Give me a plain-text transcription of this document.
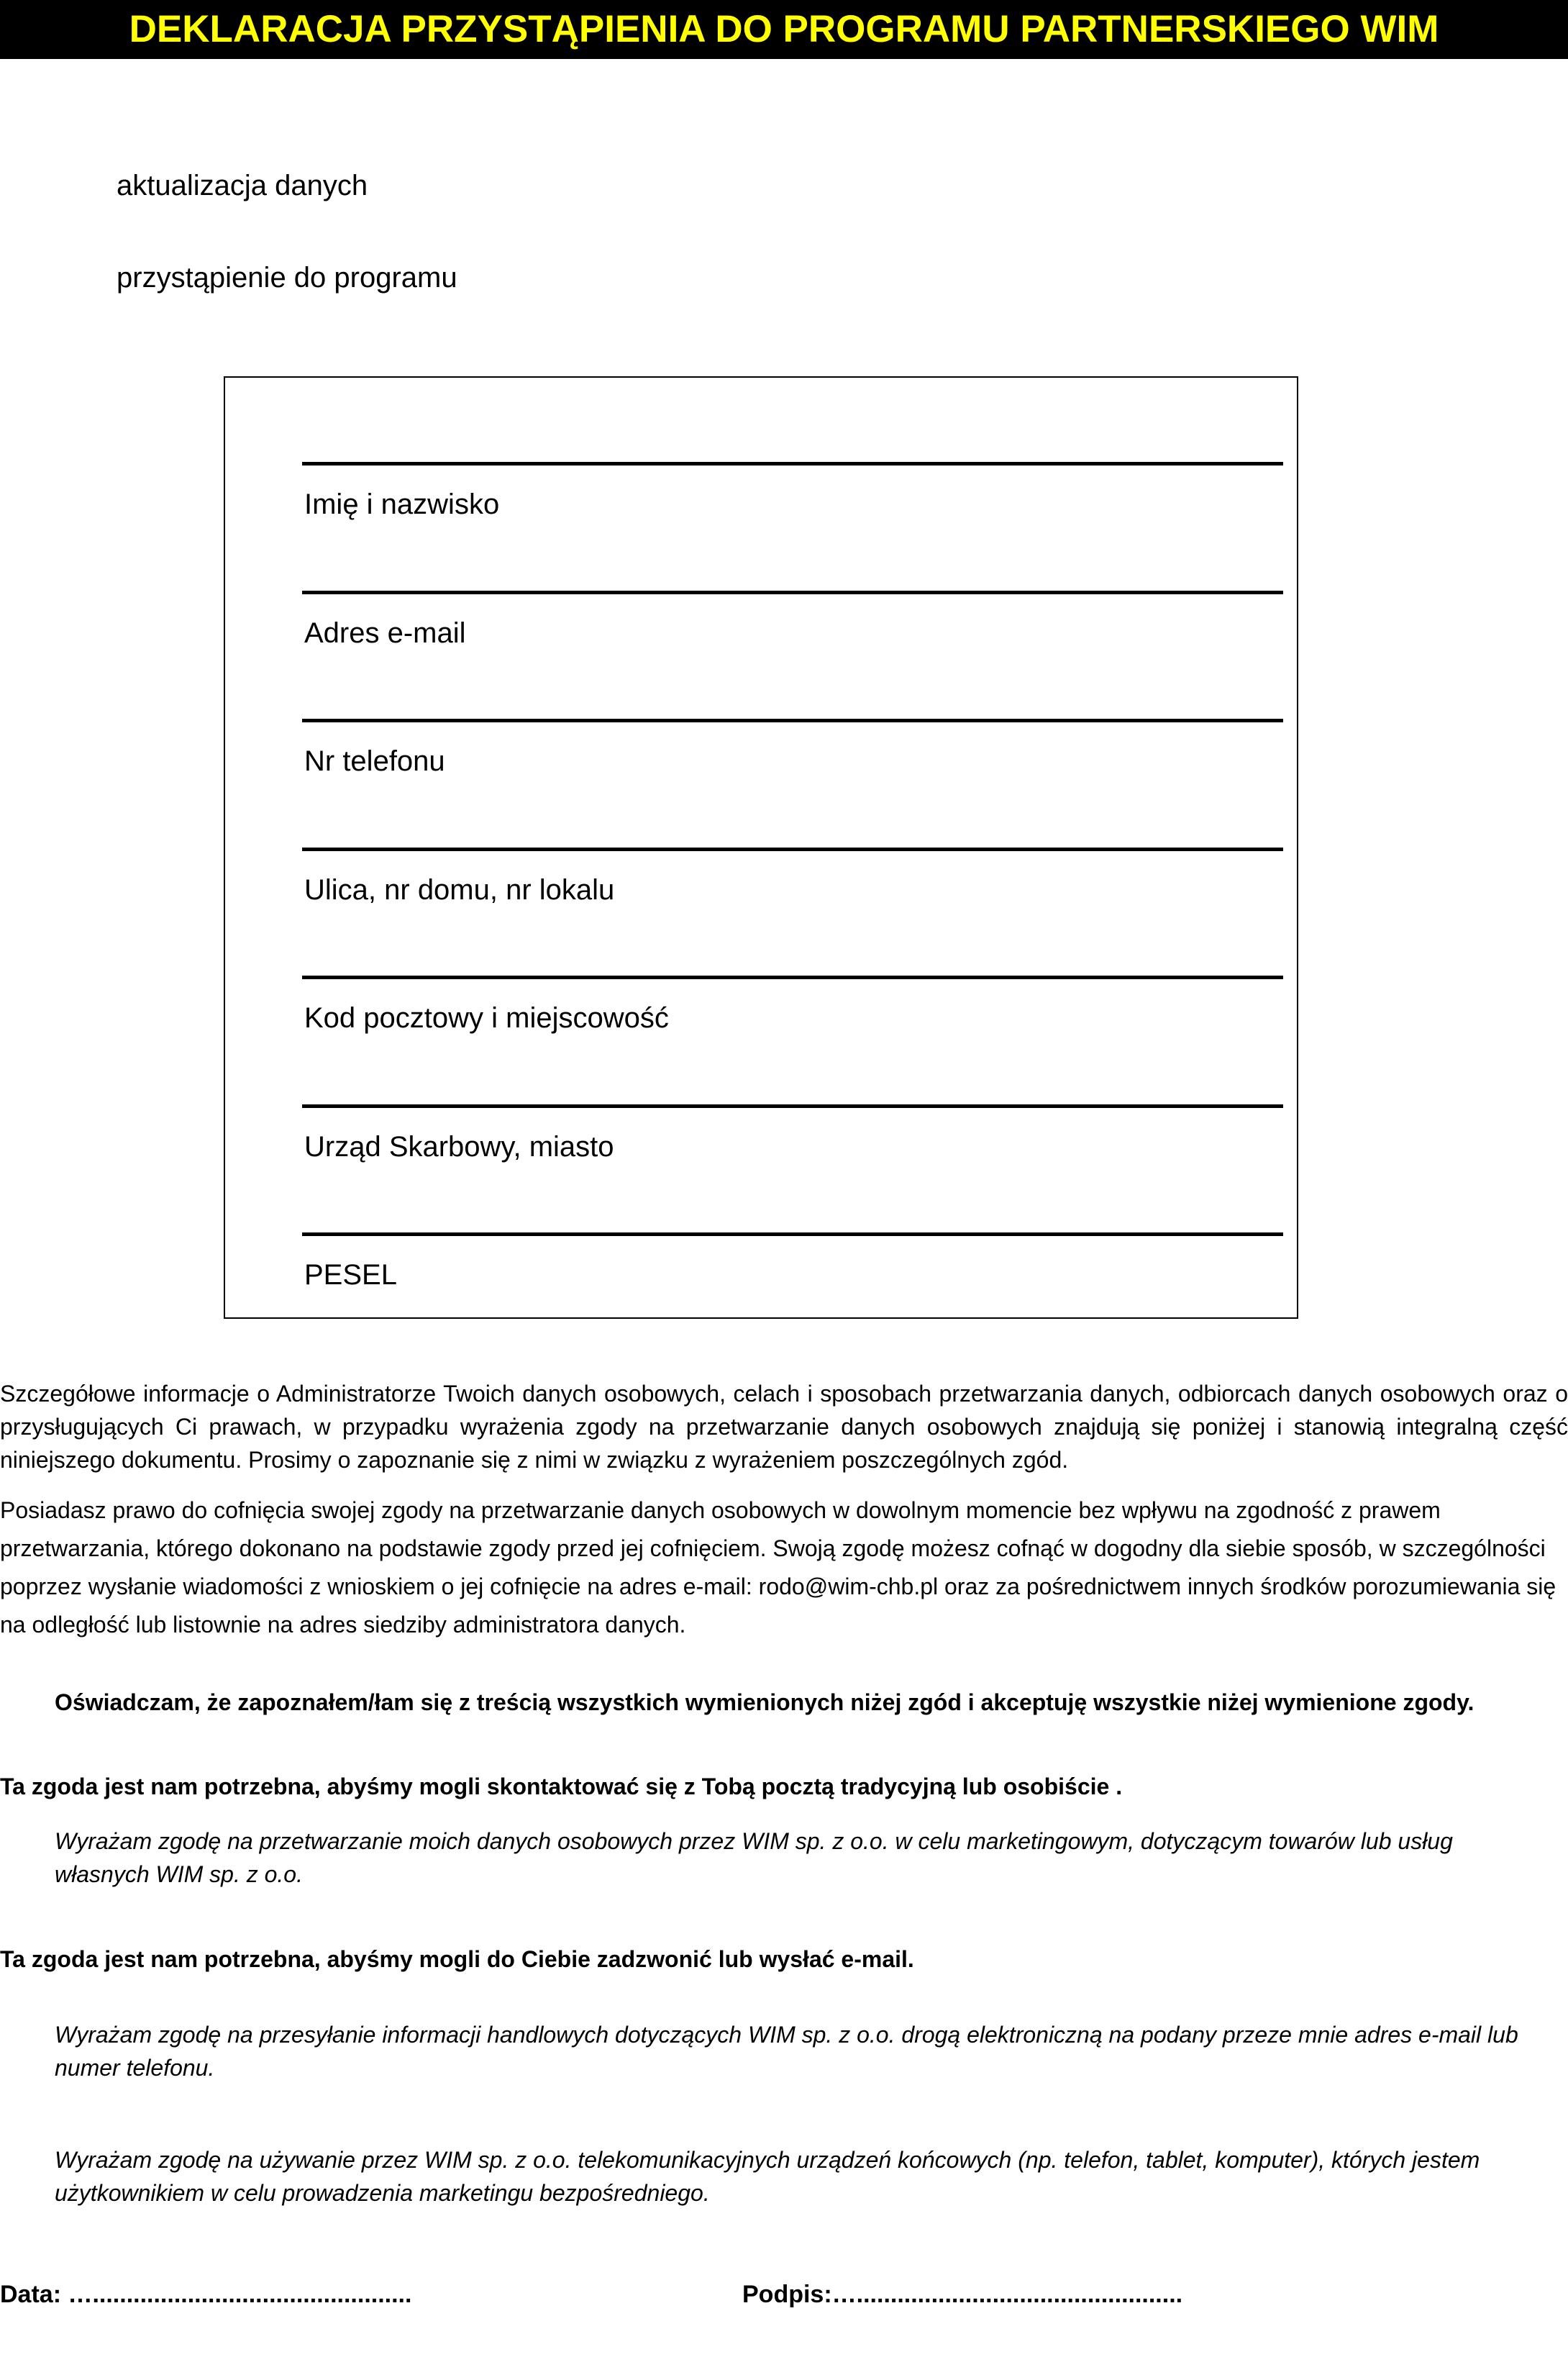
DEKLARACJA PRZYSTĄPIENIA DO PROGRAMU PARTNERSKIEGO WIM
aktualizacja danych
przystąpienie do programu
Imię i nazwisko
Adres e-mail
Nr telefonu
Ulica, nr domu, nr lokalu
Kod pocztowy i miejscowość
Urząd Skarbowy, miasto
PESEL

Szczegółowe informacje o Administratorze Twoich danych osobowych, celach i sposobach przetwarzania danych, odbiorcach danych osobowych oraz o przysługujących Ci prawach, w przypadku wyrażenia zgody na przetwarzanie danych osobowych znajdują się poniżej i stanowią integralną część niniejszego dokumentu. Prosimy o zapoznanie się z nimi w związku z wyrażeniem poszczególnych zgód.

Posiadasz prawo do cofnięcia swojej zgody na przetwarzanie danych osobowych w dowolnym momencie bez wpływu na zgodność z prawem przetwarzania, którego dokonano na podstawie zgody przed jej cofnięciem. Swoją zgodę możesz cofnąć w dogodny dla siebie sposób, w szczególności poprzez wysłanie wiadomości z wnioskiem o jej cofnięcie na adres e-mail: rodo@wim-chb.pl oraz za pośrednictwem innych środków porozumiewania się na odległość lub listownie na adres siedziby administratora danych.

Oświadczam, że zapoznałem/łam się z treścią wszystkich wymienionych niżej zgód i akceptuję wszystkie niżej wymienione zgody.
Ta zgoda jest nam potrzebna, abyśmy mogli skontaktować się z Tobą pocztą tradycyjną lub osobiście .

Wyrażam zgodę na przetwarzanie moich danych osobowych przez WIM sp. z o.o. w celu marketingowym, dotyczącym towarów lub usług własnych WIM sp. z o.o.

Ta zgoda jest nam potrzebna, abyśmy mogli do Ciebie zadzwonić lub wysłać e-mail.

Wyrażam zgodę na przesyłanie informacji handlowych dotyczących WIM sp. z o.o. drogą elektroniczną na podany przeze mnie adres e-mail lub numer telefonu.

Wyrażam zgodę na używanie przez WIM sp. z o.o. telekomunikacyjnych urządzeń końcowych (np. telefon, tablet, komputer), których jestem użytkownikiem w celu prowadzenia marketingu bezpośredniego.

Data: …...............................................	Podpis:…................................................
